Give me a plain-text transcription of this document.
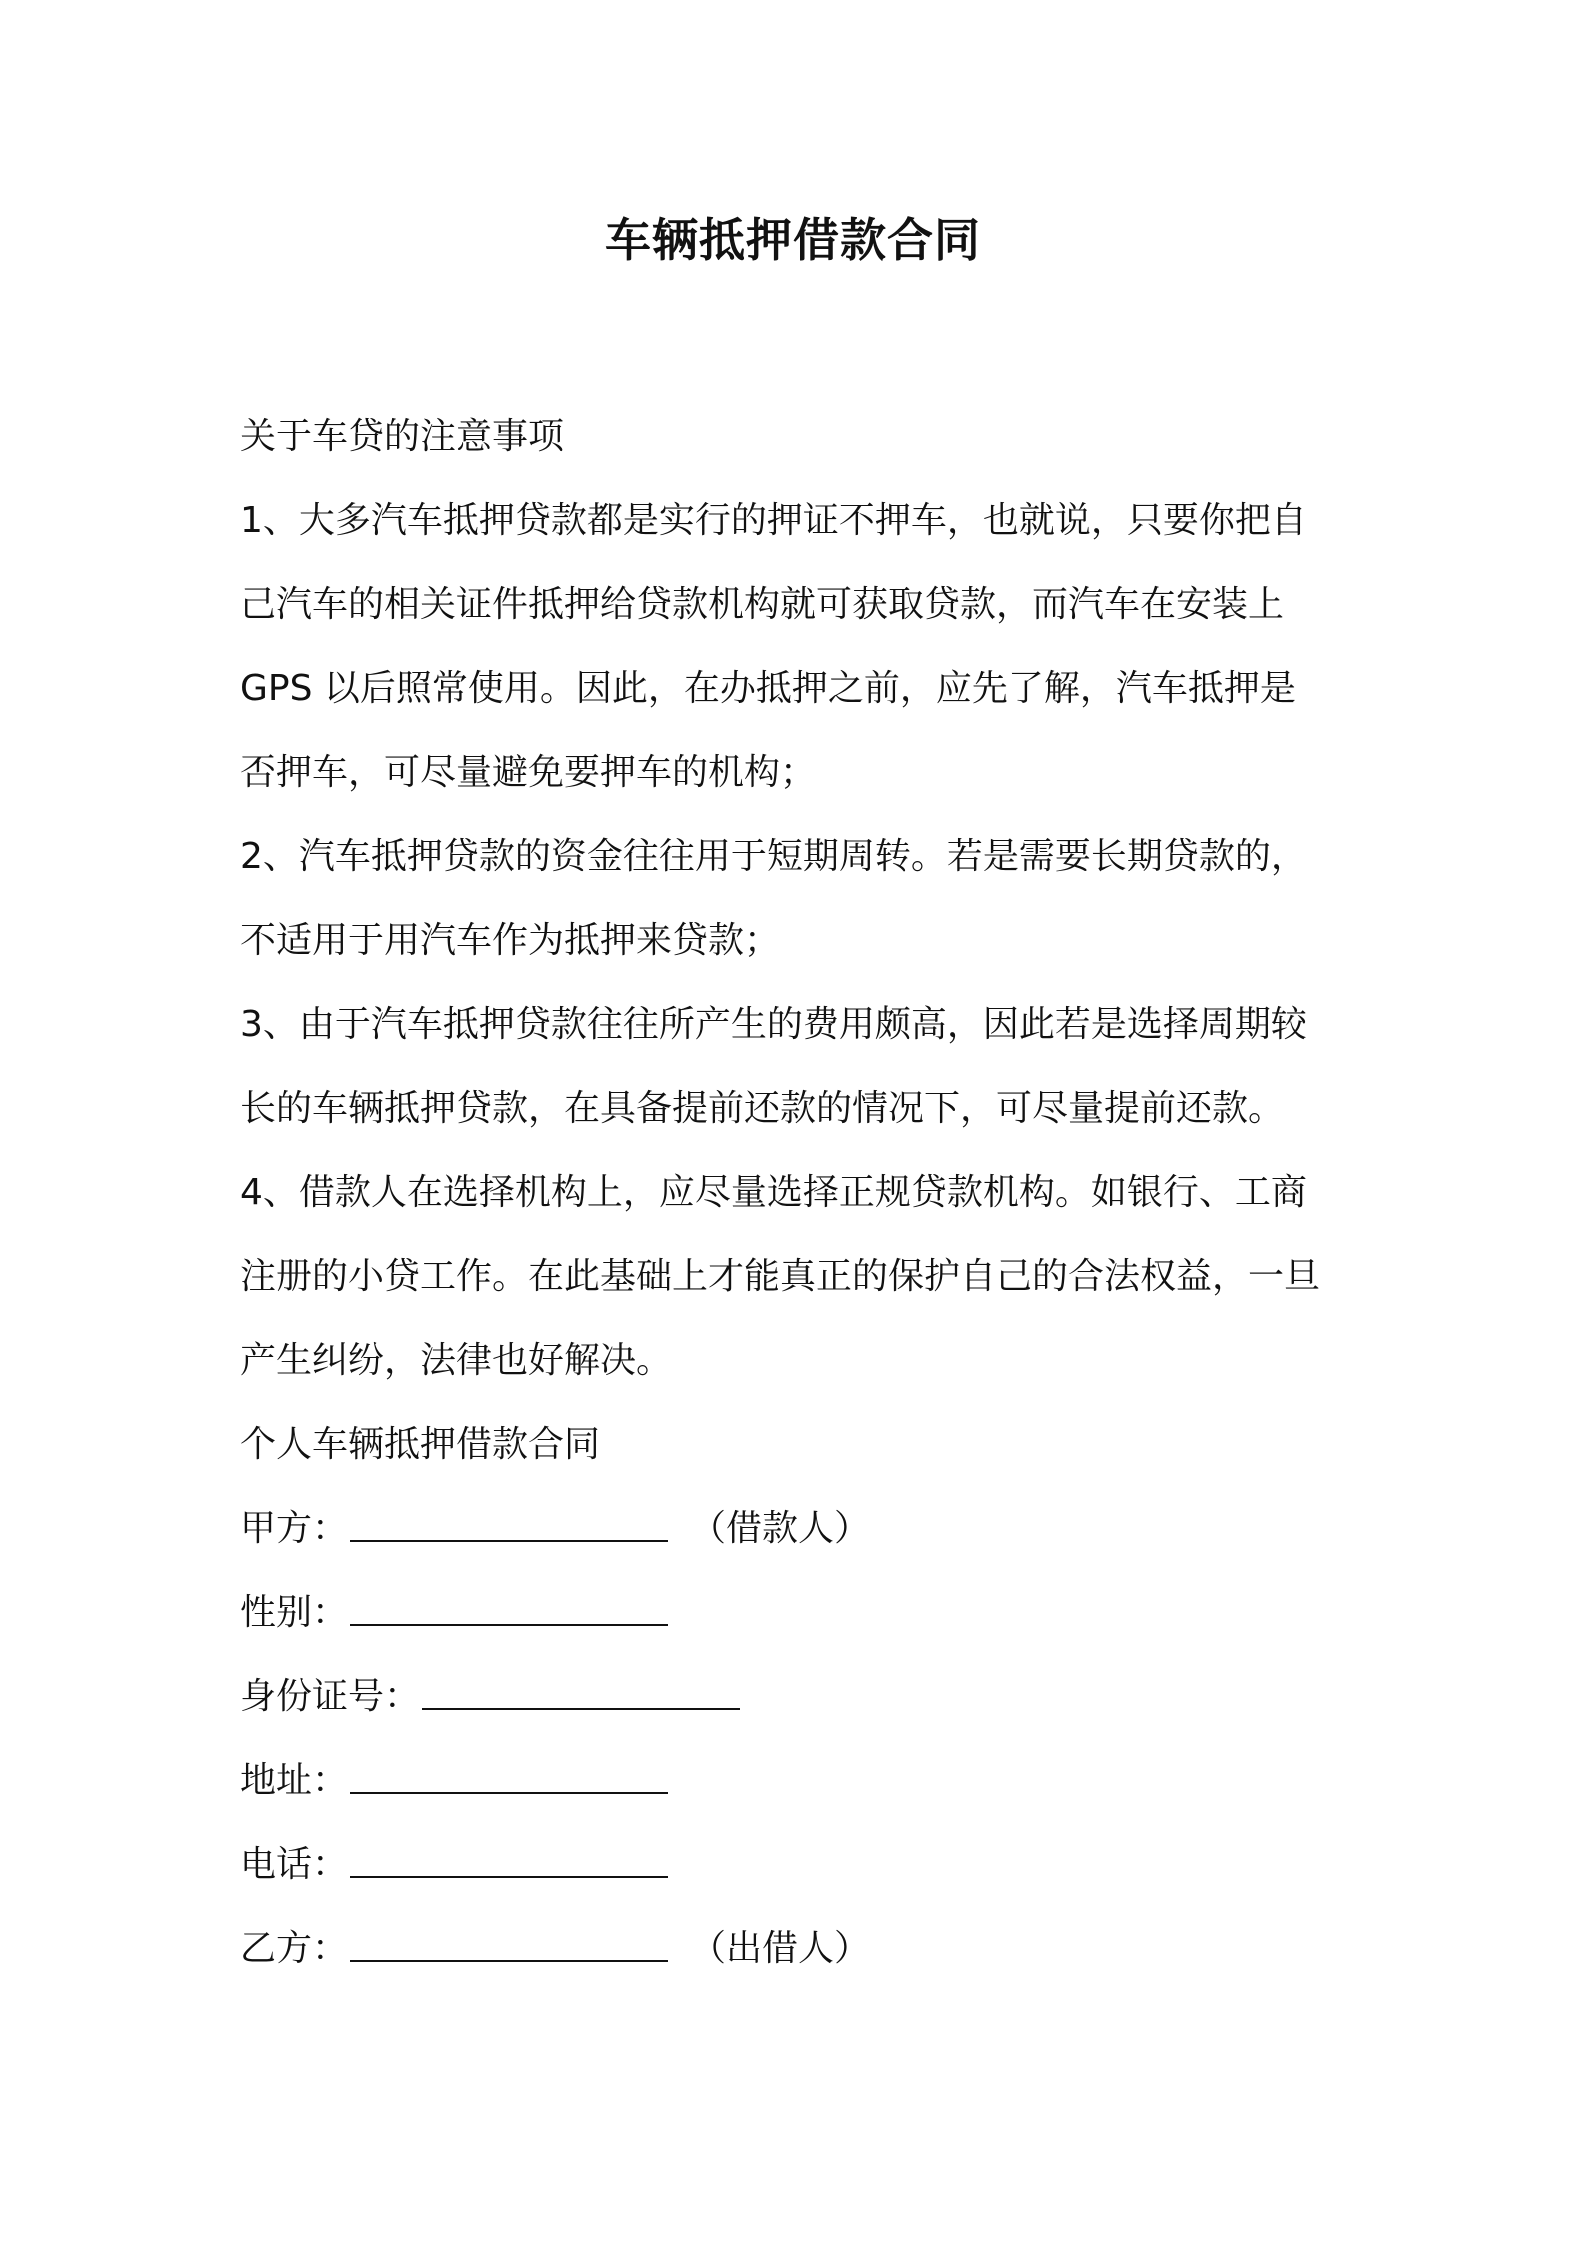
车辆抵押借款合同
关于车贷的注意事项
1、大多汽车抵押贷款都是实行的押证不押车，也就说，只要你把自
己汽车的相关证件抵押给贷款机构就可获取贷款，而汽车在安装上
GPS 以后照常使用。因此，在办抵押之前，应先了解，汽车抵押是
否押车，可尽量避免要押车的机构；
2、汽车抵押贷款的资金往往用于短期周转。若是需要长期贷款的，
不适用于用汽车作为抵押来贷款；
3、由于汽车抵押贷款往往所产生的费用颇高，因此若是选择周期较
长的车辆抵押贷款，在具备提前还款的情况下，可尽量提前还款。
4、借款人在选择机构上，应尽量选择正规贷款机构。如银行、工商
注册的小贷工作。在此基础上才能真正的保护自己的合法权益，一旦
产生纠纷，法律也好解决。
个人车辆抵押借款合同
甲方：	（借款人）
性别：
身份证号：
地址：
电话：
乙方：	（出借人）
